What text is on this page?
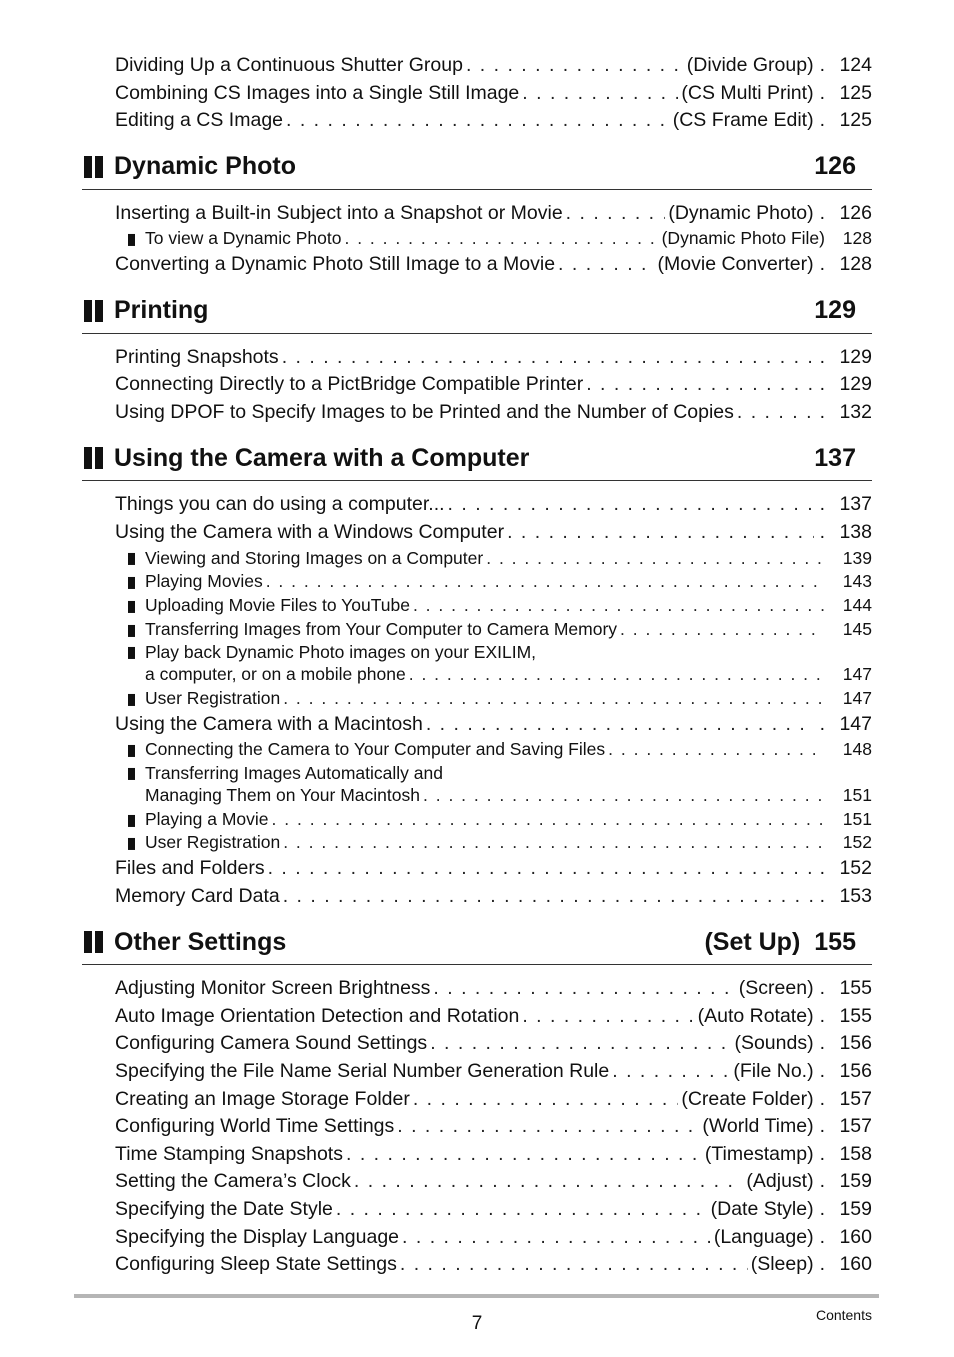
Dividing Up a Continuous Shutter Group . . .	(Divide Group) . 124
Combining CS Images into a Single Still Image . . .	(CS Multi Print) . 125
Editing a CS Image . . .	(CS Frame Edit) . 125
Dynamic Photo	126
Inserting a Built-in Subject into a Snapshot or Movie . . .	(Dynamic Photo) . 126
To view a Dynamic Photo . . .	(Dynamic Photo File)	128
Converting a Dynamic Photo Still Image to a Movie . . .	(Movie Converter) . 128
Printing	129
Printing Snapshots . . .	. 129
Connecting Directly to a PictBridge Compatible Printer . . .	. 129
Using DPOF to Specify Images to be Printed and the Number of Copies . . .	. 132
Using the Camera with a Computer	137
Things you can do using a computer... . . .	. 137
Using the Camera with a Windows Computer . . .	. 138
Viewing and Storing Images on a Computer . . .	139
Playing Movies . . .	143
Uploading Movie Files to YouTube . . .	144
Transferring Images from Your Computer to Camera Memory . . .	145
Play back Dynamic Photo images on your EXILIM,
a computer, or on a mobile phone . . .	147
User Registration . . .	147
Using the Camera with a Macintosh . . .	. 147
Connecting the Camera to Your Computer and Saving Files . . .	148
Transferring Images Automatically and
Managing Them on Your Macintosh . . .	151
Playing a Movie . . .	151
User Registration . . .	152
Files and Folders . . .	. 152
Memory Card Data . . .	. 153
Other Settings	(Set Up) 155
Adjusting Monitor Screen Brightness . . .	(Screen) . 155
Auto Image Orientation Detection and Rotation . . .	(Auto Rotate) . 155
Configuring Camera Sound Settings . . .	(Sounds) . 156
Specifying the File Name Serial Number Generation Rule . . .	(File No.) . 156
Creating an Image Storage Folder . . .	(Create Folder) . 157
Configuring World Time Settings . . .	(World Time) . 157
Time Stamping Snapshots . . .	(Timestamp) . 158
Setting the Camera’s Clock . . .	(Adjust) . 159
Specifying the Date Style . . .	(Date Style) . 159
Specifying the Display Language . . .	(Language) . 160
Configuring Sleep State Settings . . .	(Sleep) . 160
7	Contents
